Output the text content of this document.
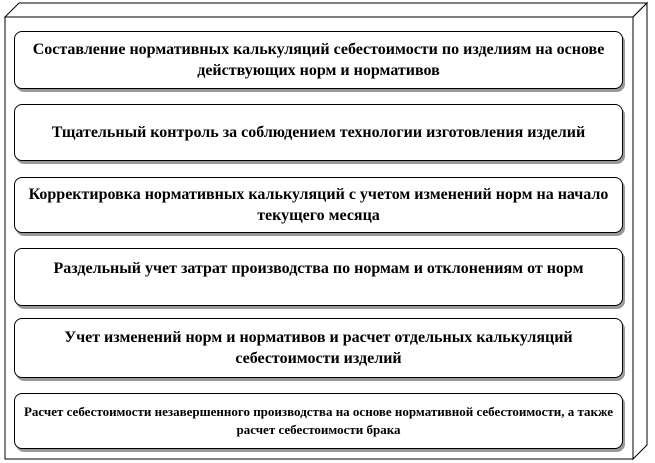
Составление нормативных калькуляций себестоимости по изделиям на основе действующих норм и нормативов
Тщательный контроль за соблюдением технологии изготовления изделий
Корректировка нормативных калькуляций с учетом изменений норм на начало текущего месяца
Раздельный учет затрат производства по нормам и отклонениям от норм
Учет изменений норм и нормативов и расчет отдельных калькуляций себестоимости изделий
Расчет себестоимости незавершенного производства на основе нормативной себестоимости, а также расчет себестоимости брака
